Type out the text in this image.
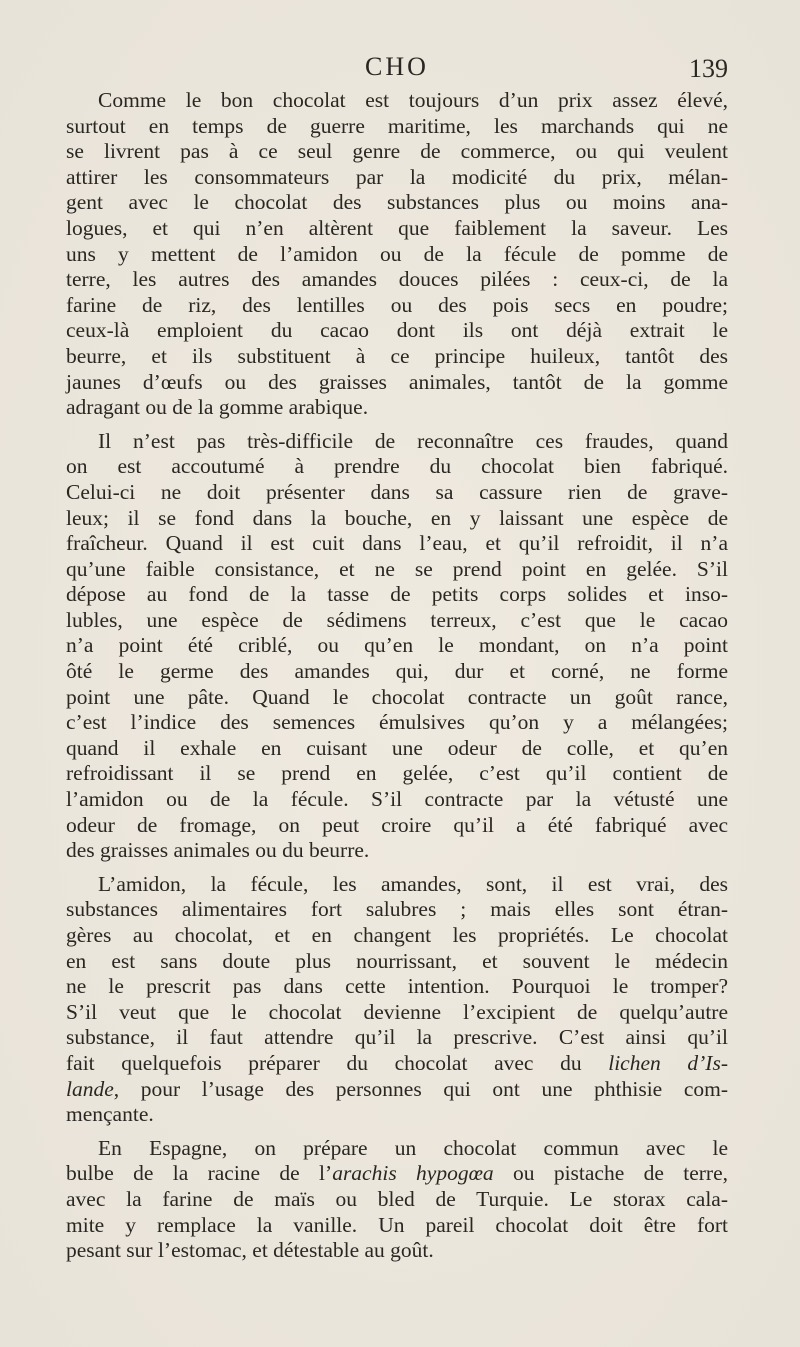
CHO	139
Comme le bon chocolat est toujours d’un prix assez élevé,
surtout en temps de guerre maritime, les marchands qui ne
se livrent pas à ce seul genre de commerce, ou qui veulent
attirer les consommateurs par la modicité du prix, mélan-
gent avec le chocolat des substances plus ou moins ana-
logues, et qui n’en altèrent que faiblement la saveur. Les
uns y mettent de l’amidon ou de la fécule de pomme de
terre, les autres des amandes douces pilées : ceux-ci, de la
farine de riz, des lentilles ou des pois secs en poudre;
ceux-là emploient du cacao dont ils ont déjà extrait le
beurre, et ils substituent à ce principe huileux, tantôt des
jaunes d’œufs ou des graisses animales, tantôt de la gomme
adragant ou de la gomme arabique.
Il n’est pas très-difficile de reconnaître ces fraudes, quand
on est accoutumé à prendre du chocolat bien fabriqué.
Celui-ci ne doit présenter dans sa cassure rien de grave-
leux; il se fond dans la bouche, en y laissant une espèce de
fraîcheur. Quand il est cuit dans l’eau, et qu’il refroidit, il n’a
qu’une faible consistance, et ne se prend point en gelée. S’il
dépose au fond de la tasse de petits corps solides et inso-
lubles, une espèce de sédimens terreux, c’est que le cacao
n’a point été criblé, ou qu’en le mondant, on n’a point
ôté le germe des amandes qui, dur et corné, ne forme
point une pâte. Quand le chocolat contracte un goût rance,
c’est l’indice des semences émulsives qu’on y a mélangées;
quand il exhale en cuisant une odeur de colle, et qu’en
refroidissant il se prend en gelée, c’est qu’il contient de
l’amidon ou de la fécule. S’il contracte par la vétusté une
odeur de fromage, on peut croire qu’il a été fabriqué avec
des graisses animales ou du beurre.
L’amidon, la fécule, les amandes, sont, il est vrai, des
substances alimentaires fort salubres ; mais elles sont étran-
gères au chocolat, et en changent les propriétés. Le chocolat
en est sans doute plus nourrissant, et souvent le médecin
ne le prescrit pas dans cette intention. Pourquoi le tromper?
S’il veut que le chocolat devienne l’excipient de quelqu’autre
substance, il faut attendre qu’il la prescrive. C’est ainsi qu’il
fait quelquefois préparer du chocolat avec du lichen d’Is-
lande, pour l’usage des personnes qui ont une phthisie com-
mençante.
En Espagne, on prépare un chocolat commun avec le
bulbe de la racine de l’arachis hypogœa ou pistache de terre,
avec la farine de maïs ou bled de Turquie. Le storax cala-
mite y remplace la vanille. Un pareil chocolat doit être fort
pesant sur l’estomac, et détestable au goût.
